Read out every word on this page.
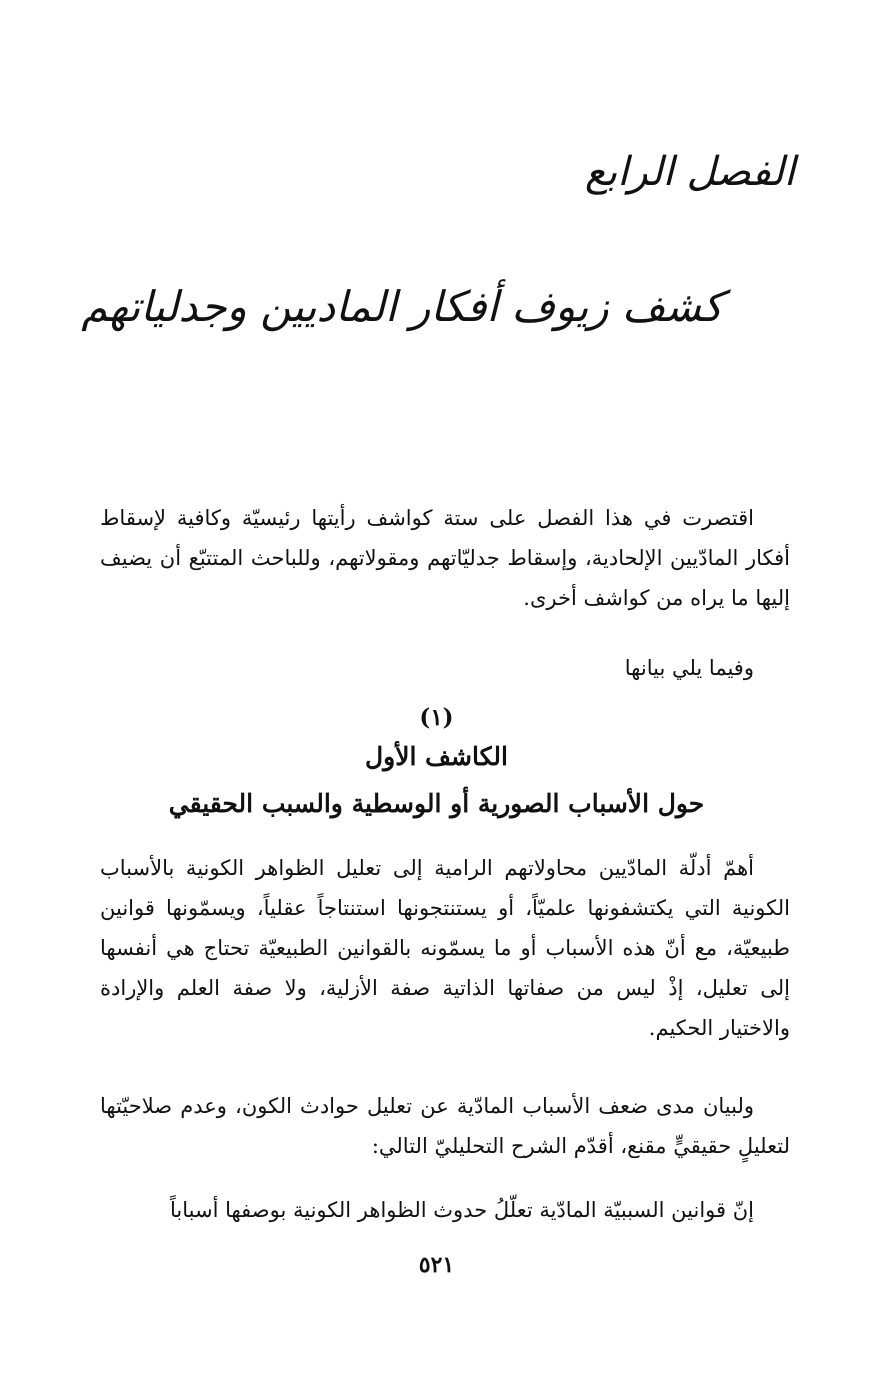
الفصل الرابع
كشف زيوف أفكار الماديين وجدلياتهم

اقتصرت في هذا الفصل على ستة كواشف رأيتها رئيسيّة وكافية لإسقاط أفكار المادّيين الإلحادية، وإسقاط جدليّاتهم ومقولاتهم، وللباحث المتتبّع أن يضيف إليها ما يراه من كواشف أخرى.

وفيما يلي بيانها
(١)
الكاشف الأول
حول الأسباب الصورية أو الوسطية والسبب الحقيقي

أهمّ أدلّة المادّيين محاولاتهم الرامية إلى تعليل الظواهر الكونية بالأسباب الكونية التي يكتشفونها علميّاً، أو يستنتجونها استنتاجاً عقلياً، ويسمّونها قوانين طبيعيّة، مع أنّ هذه الأسباب أو ما يسمّونه بالقوانين الطبيعيّة تحتاج هي أنفسها إلى تعليل، إذْ ليس من صفاتها الذاتية صفة الأزلية، ولا صفة العلم والإرادة والاختيار الحكيم.

ولبيان مدى ضعف الأسباب المادّية عن تعليل حوادث الكون، وعدم صلاحيّتها لتعليلٍ حقيقيٍّ مقنع، أقدّم الشرح التحليليّ التالي:

إنّ قوانين السببيّة المادّية تعلّلُ حدوث الظواهر الكونية بوصفها أسباباً

٥٢١
